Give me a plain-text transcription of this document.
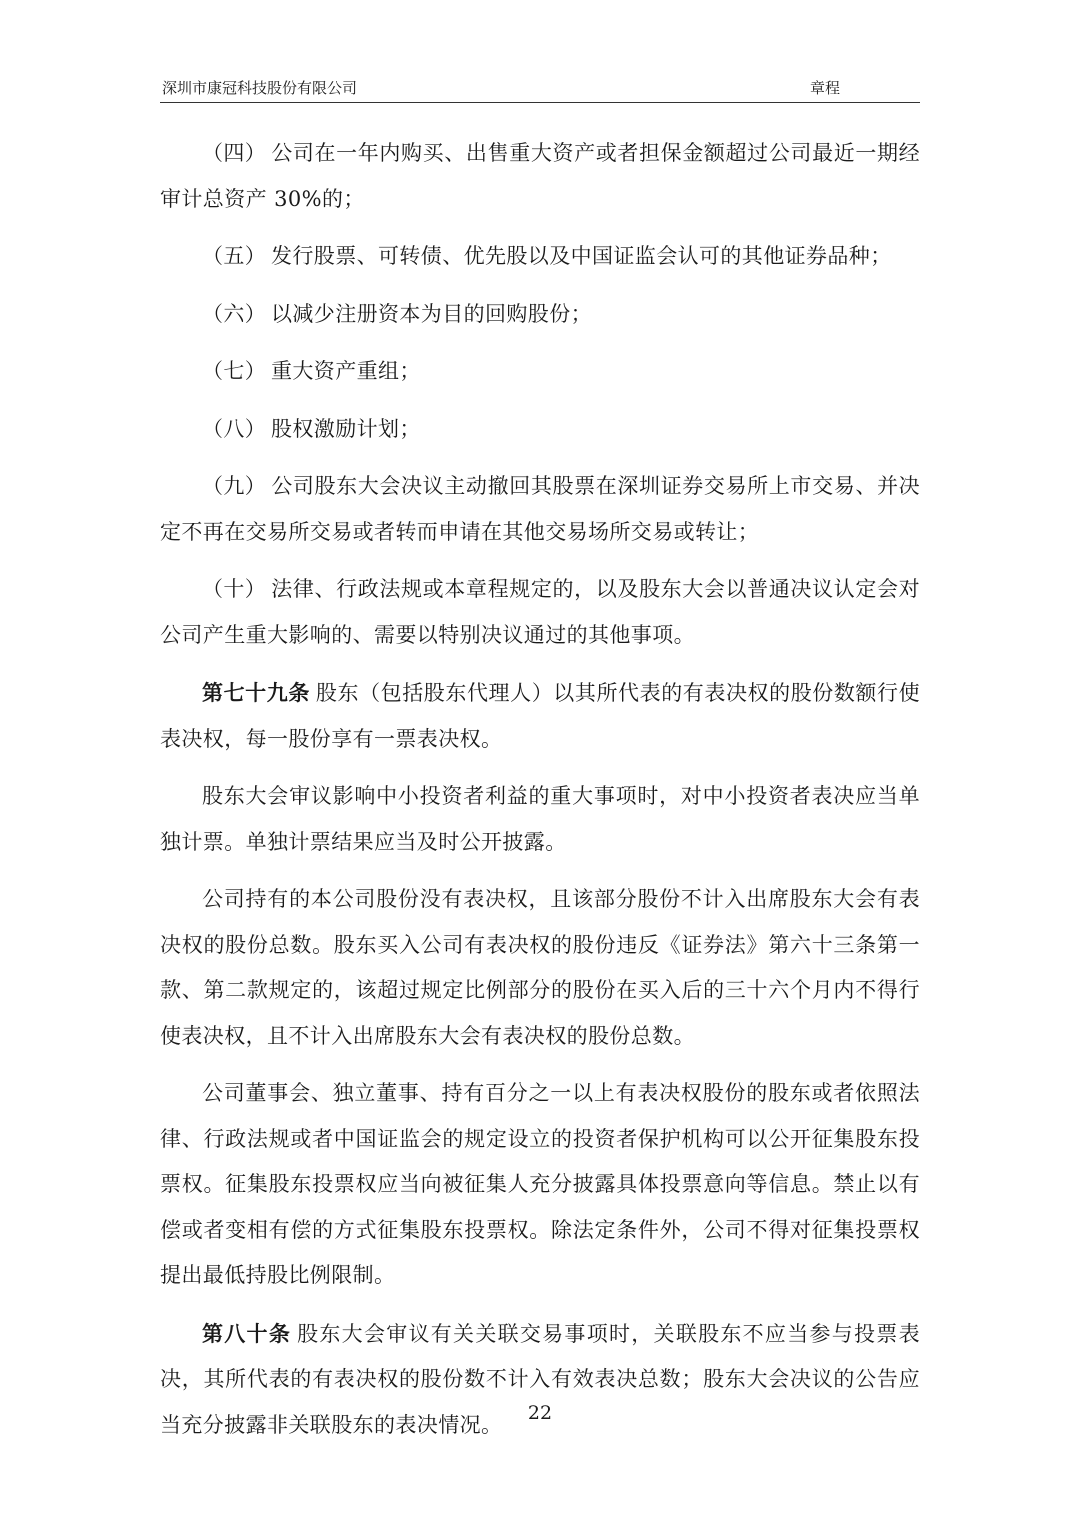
深圳市康冠科技股份有限公司	章程

（四） 公司在一年内购买、出售重大资产或者担保金额超过公司最近一期经审计总资产 30%的；

（五） 发行股票、可转债、优先股以及中国证监会认可的其他证券品种；

（六） 以减少注册资本为目的回购股份；

（七） 重大资产重组；

（八） 股权激励计划；

（九） 公司股东大会决议主动撤回其股票在深圳证券交易所上市交易、并决定不再在交易所交易或者转而申请在其他交易场所交易或转让；

（十） 法律、行政法规或本章程规定的，以及股东大会以普通决议认定会对公司产生重大影响的、需要以特别决议通过的其他事项。

第七十九条 股东（包括股东代理人）以其所代表的有表决权的股份数额行使表决权，每一股份享有一票表决权。

股东大会审议影响中小投资者利益的重大事项时，对中小投资者表决应当单独计票。单独计票结果应当及时公开披露。

公司持有的本公司股份没有表决权，且该部分股份不计入出席股东大会有表决权的股份总数。股东买入公司有表决权的股份违反《证券法》第六十三条第一款、第二款规定的，该超过规定比例部分的股份在买入后的三十六个月内不得行使表决权，且不计入出席股东大会有表决权的股份总数。

公司董事会、独立董事、持有百分之一以上有表决权股份的股东或者依照法律、行政法规或者中国证监会的规定设立的投资者保护机构可以公开征集股东投票权。征集股东投票权应当向被征集人充分披露具体投票意向等信息。禁止以有偿或者变相有偿的方式征集股东投票权。除法定条件外，公司不得对征集投票权提出最低持股比例限制。

第八十条 股东大会审议有关关联交易事项时，关联股东不应当参与投票表决，其所代表的有表决权的股份数不计入有效表决总数；股东大会决议的公告应当充分披露非关联股东的表决情况。	22
